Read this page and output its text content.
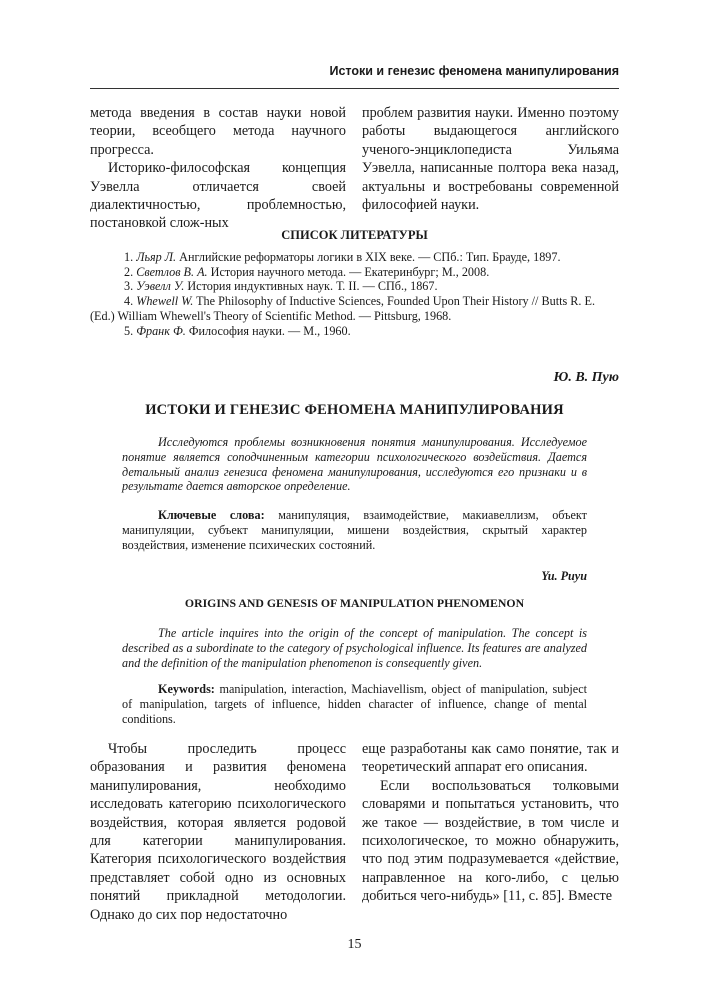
Истоки и генезис феномена манипулирования

метода введения в состав науки новой теории, всеобщего метода научного прогресса.

Историко-философская концепция Уэвелла отличается своей диалектичностью, проблемностью, постановкой слож-ных

проблем развития науки. Именно поэтому работы выдающегося английского ученого-энциклопедиста Уильяма Уэвелла, написанные полтора века назад, актуальны и востребованы современной философией науки.

СПИСОК ЛИТЕРАТУРЫ
1. Льяр Л. Английские реформаторы логики в XIX веке. — СПб.: Тип. Брауде, 1897.
2. Светлов В. А. История научного метода. — Екатеринбург; М., 2008.
3. Уэвелл У. История индуктивных наук. Т. II. — СПб., 1867.
4. Whewell W. The Philosophy of Inductive Sciences, Founded Upon Their History // Butts R. E. (Ed.) William Whewell's Theory of Scientific Method. — Pittsburg, 1968.
5. Франк Ф. Философия науки. — М., 1960.
Ю. В. Пую
ИСТОКИ И ГЕНЕЗИС ФЕНОМЕНА МАНИПУЛИРОВАНИЯ
Исследуются проблемы возникновения понятия манипулирования. Исследуемое понятие является соподчиненным категории психологического воздействия. Дается детальный анализ генезиса феномена манипулирования, исследуются его признаки и в результате дается авторское определение.
Ключевые слова: манипуляция, взаимодействие, макиавеллизм, объект манипуляции, субъект манипуляции, мишени воздействия, скрытый характер воздействия, изменение психических состояний.
Yu. Puyu
ORIGINS AND GENESIS OF MANIPULATION PHENOMENON
The article inquires into the origin of the concept of manipulation. The concept is described as a subordinate to the category of psychological influence. Its features are analyzed and the definition of the manipulation phenomenon is consequently given.
Keywords: manipulation, interaction, Machiavellism, object of manipulation, subject of manipulation, targets of influence, hidden character of influence, change of mental conditions.

Чтобы проследить процесс образования и развития феномена манипулирования, необходимо исследовать категорию психологического воздействия, которая является родовой для категории манипулирования. Категория психологического воздействия представляет собой одно из основных понятий прикладной методологии. Однако до сих пор недостаточно

еще разработаны как само понятие, так и теоретический аппарат его описания.

Если воспользоваться толковыми словарями и попытаться установить, что же такое — воздействие, в том числе и психологическое, то можно обнаружить, что под этим подразумевается «действие, направленное на кого-либо, с целью добиться чего-нибудь» [11, с. 85]. Вместе

15
